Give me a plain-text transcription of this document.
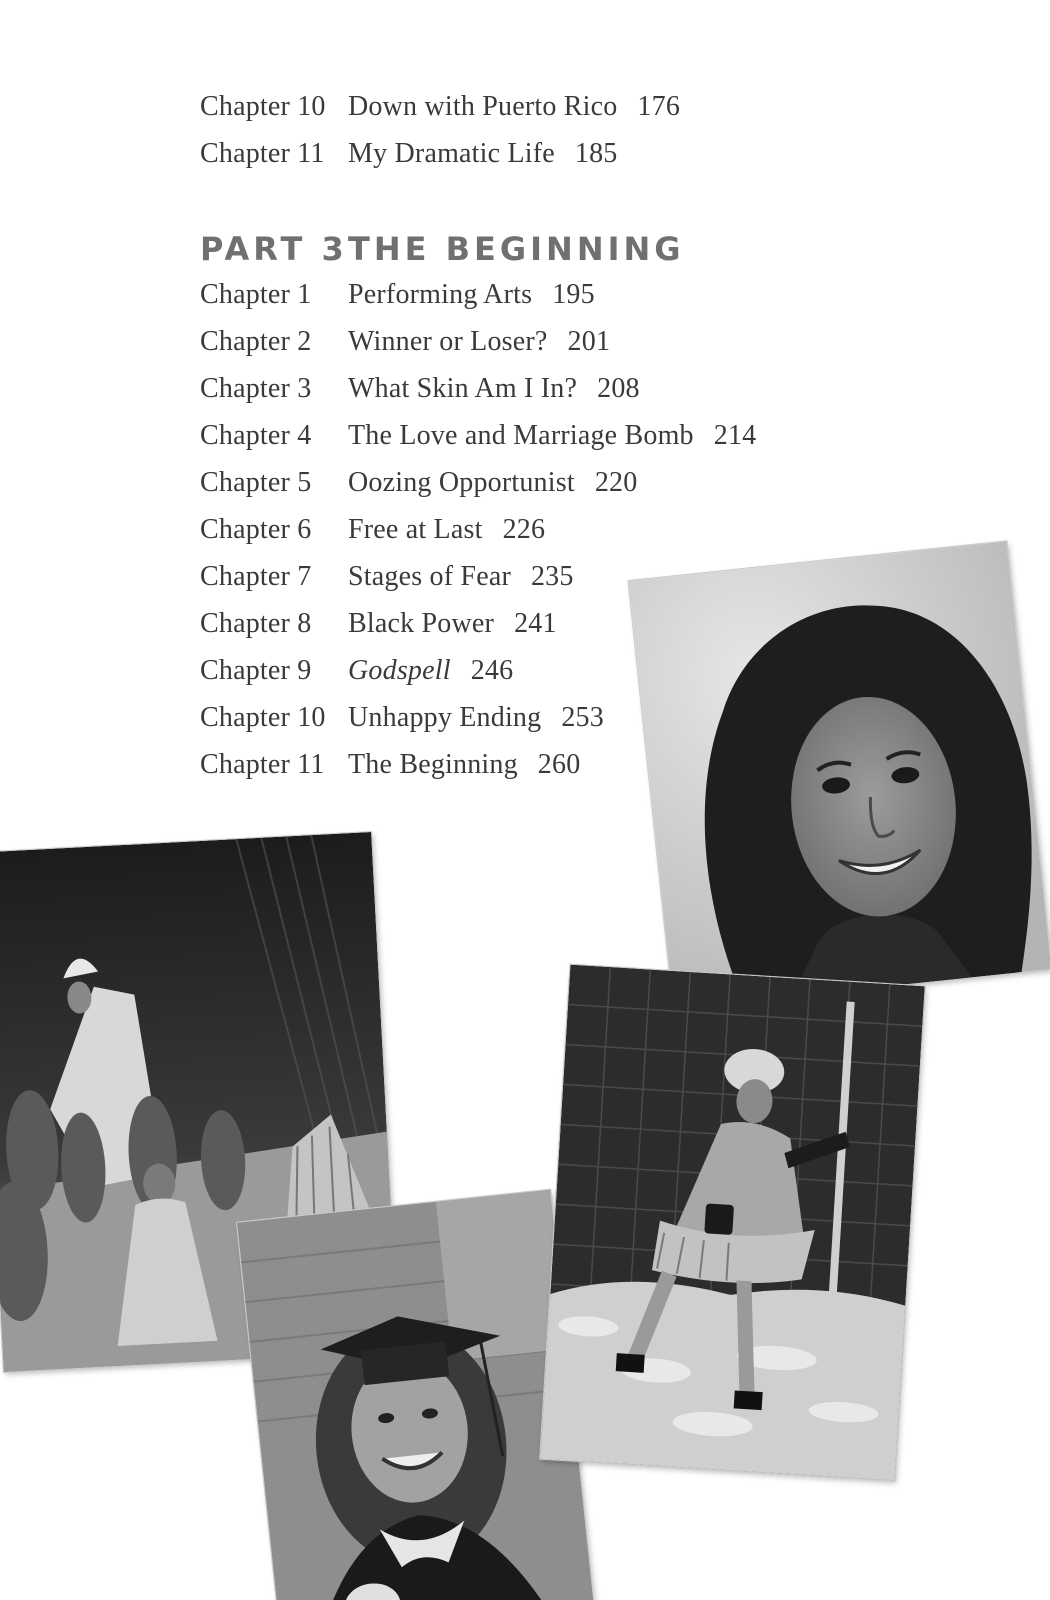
Chapter 10 Down with Puerto Rico 176
Chapter 11 My Dramatic Life 185
PART 3THE BEGINNING
Chapter 1 Performing Arts 195
Chapter 2 Winner or Loser? 201
Chapter 3 What Skin Am I In? 208
Chapter 4 The Love and Marriage Bomb 214
Chapter 5 Oozing Opportunist 220
Chapter 6 Free at Last 226
Chapter 7 Stages of Fear 235
Chapter 8 Black Power 241
Chapter 9 Godspell 246
Chapter 10 Unhappy Ending 253
Chapter 11 The Beginning 260
